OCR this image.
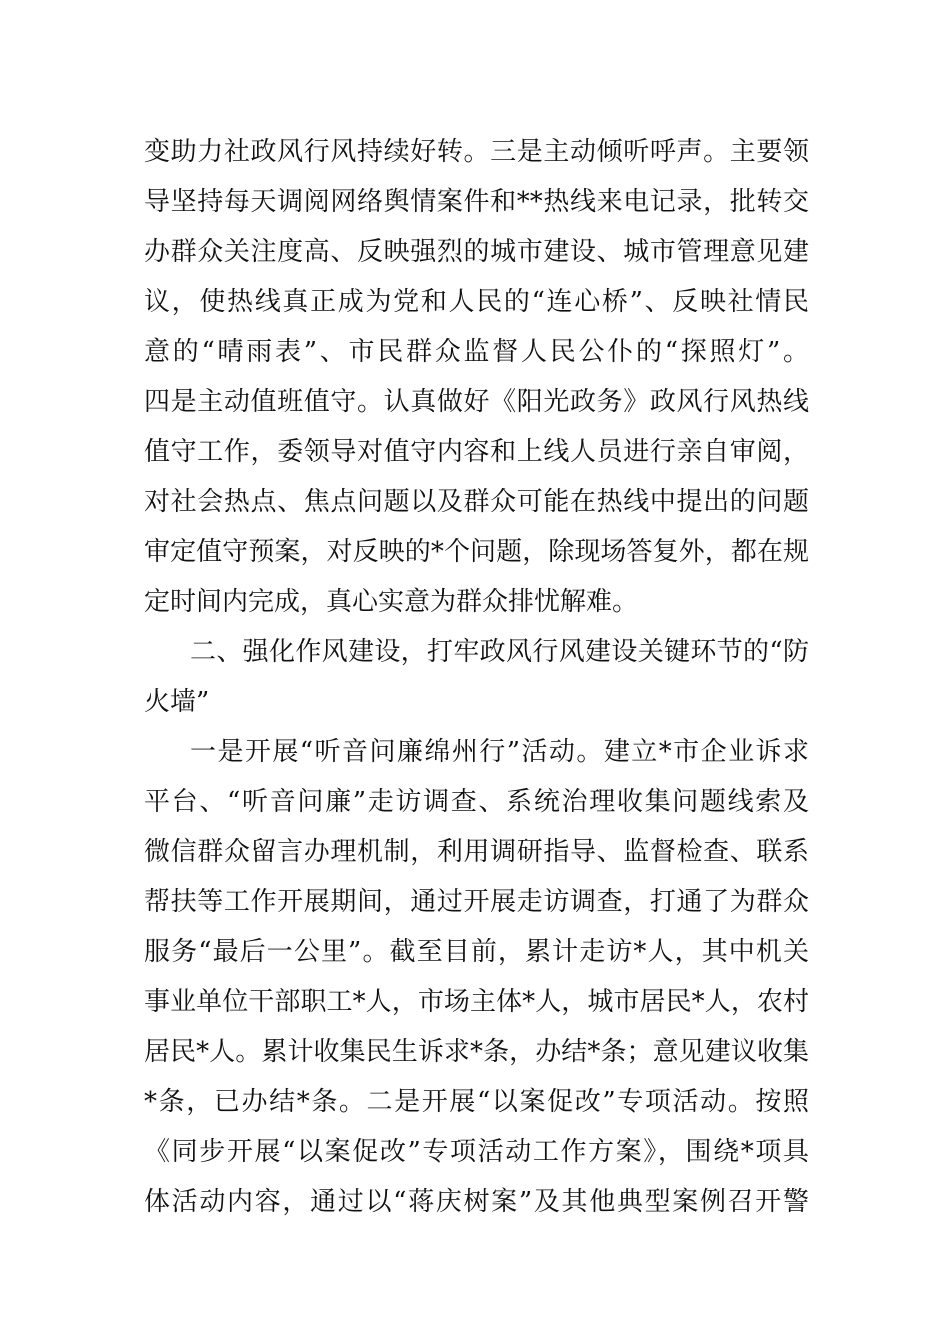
变助力社政风行风持续好转。三是主动倾听呼声。主要领
导坚持每天调阅网络舆情案件和**热线来电记录，批转交
办群众关注度高、反映强烈的城市建设、城市管理意见建
议，使热线真正成为党和人民的“连心桥”、反映社情民
意的“晴雨表”、市民群众监督人民公仆的“探照灯”。
四是主动值班值守。认真做好《阳光政务》政风行风热线
值守工作，委领导对值守内容和上线人员进行亲自审阅，
对社会热点、焦点问题以及群众可能在热线中提出的问题
审定值守预案，对反映的*个问题，除现场答复外，都在规
定时间内完成，真心实意为群众排忧解难。
二、强化作风建设，打牢政风行风建设关键环节的“防
火墙”
一是开展“听音问廉绵州行”活动。建立*市企业诉求
平台、“听音问廉”走访调查、系统治理收集问题线索及
微信群众留言办理机制，利用调研指导、监督检查、联系
帮扶等工作开展期间，通过开展走访调查，打通了为群众
服务“最后一公里”。截至目前，累计走访*人，其中机关
事业单位干部职工*人，市场主体*人，城市居民*人，农村
居民*人。累计收集民生诉求*条，办结*条；意见建议收集
*条，已办结*条。二是开展“以案促改”专项活动。按照
《同步开展“以案促改”专项活动工作方案》，围绕*项具
体活动内容，通过以“蒋庆树案”及其他典型案例召开警
